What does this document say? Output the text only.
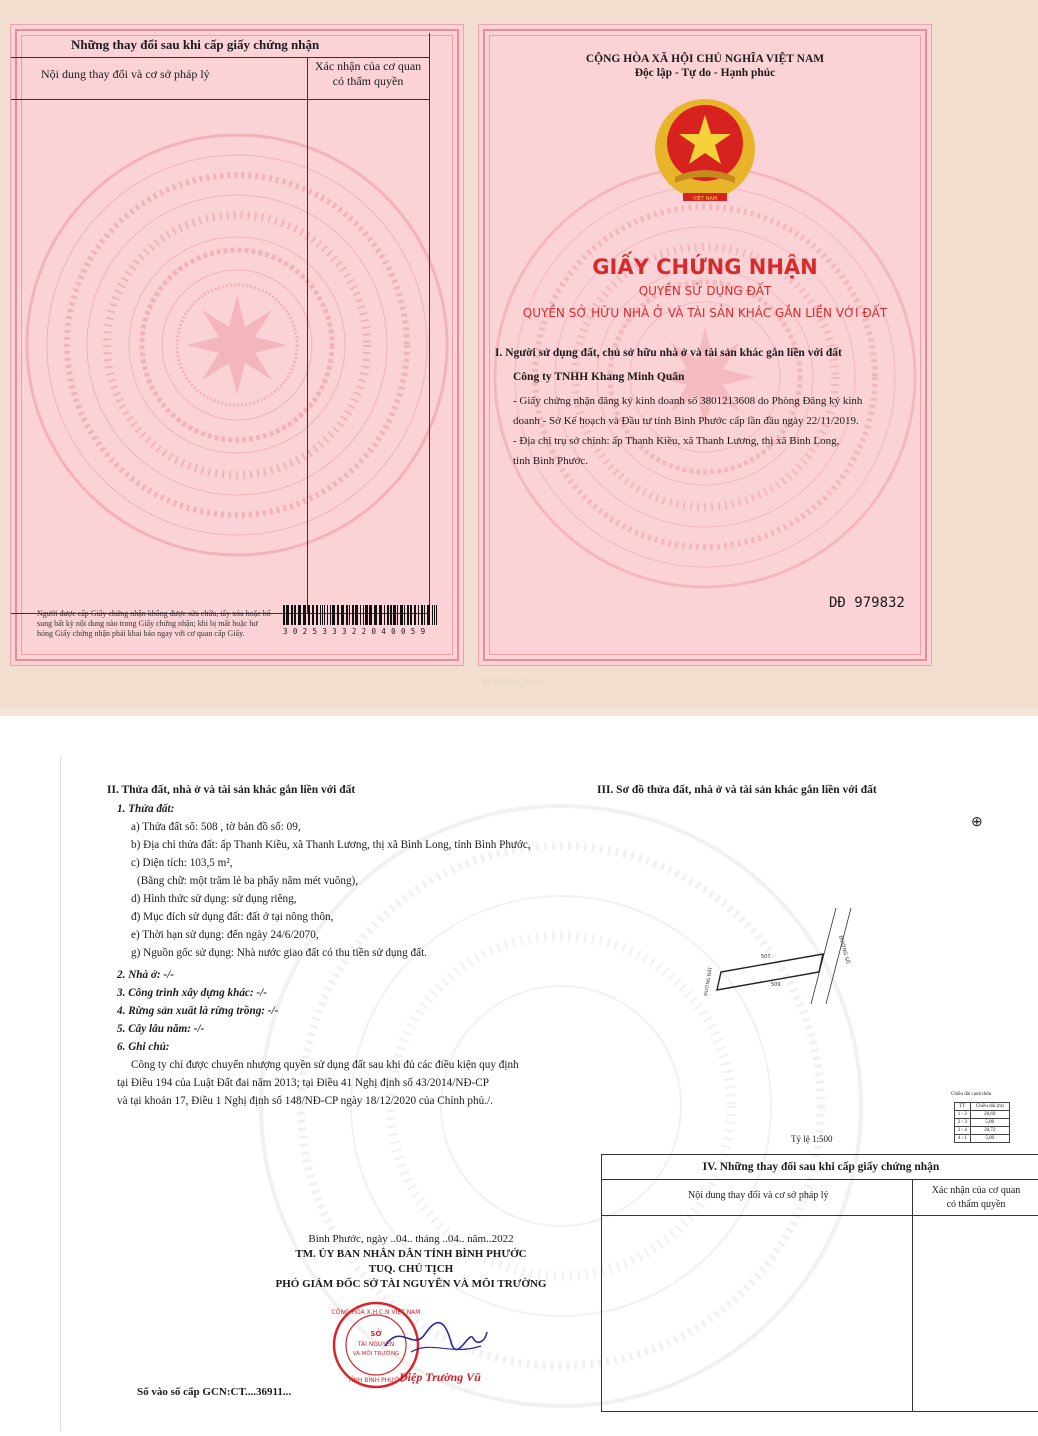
Những thay đổi sau khi cấp giấy chứng nhận
Nội dung thay đổi và cơ sở pháp lý
Xác nhận của cơ quan
có thẩm quyền
Người được cấp Giấy chứng nhận không được sửa chữa, tẩy xóa hoặc bổ
sung bất kỳ nội dung nào trong Giấy chứng nhận; khi bị mất hoặc hư
hỏng Giấy chứng nhận phải khai báo ngay với cơ quan cấp Giấy.	3 0 2 5 3 3 3 2 2 0 4 0 0 5 9
CỘNG HÒA XÃ HỘI CHỦ NGHĨA VIỆT NAM
Độc lập - Tự do - Hạnh phúc
VIỆT NAM
GIẤY CHỨNG NHẬN
QUYỀN SỬ DỤNG ĐẤT
QUYỀN SỞ HỮU NHÀ Ở VÀ TÀI SẢN KHÁC GẮN LIỀN VỚI ĐẤT
I. Người sử dụng đất, chủ sở hữu nhà ở và tài sản khác gắn liền với đất
Công ty TNHH Khang Minh Quân
- Giấy chứng nhận đăng ký kinh doanh số 3801213608 do Phòng Đăng ký kinh
doanh - Sở Kế hoạch và Đầu tư tỉnh Bình Phước cấp lần đầu ngày 22/11/2019.
- Địa chỉ trụ sở chính: ấp Thanh Kiều, xã Thanh Lương, thị xã Bình Long,
tỉnh Bình Phước.
DĐ 979832
Batdongsan
II. Thửa đất, nhà ở và tài sản khác gắn liền với đất
1. Thửa đất:
a) Thửa đất số: 508 , tờ bản đồ số: 09,
b) Địa chỉ thửa đất: ấp Thanh Kiều, xã Thanh Lương, thị xã Bình Long, tỉnh Bình Phước,
c) Diện tích: 103,5 m²,
(Bằng chữ: một trăm lẻ ba phẩy năm mét vuông),
d) Hình thức sử dụng: sử dụng riêng,
đ) Mục đích sử dụng đất: đất ở tại nông thôn,
e) Thời hạn sử dụng: đến ngày 24/6/2070,
g) Nguồn gốc sử dụng: Nhà nước giao đất có thu tiền sử dụng đất.
2. Nhà ở: -/-
3. Công trình xây dựng khác: -/-
4. Rừng sản xuất là rừng trồng: -/-
5. Cây lâu năm: -/-
6. Ghi chú:
Công ty chỉ được chuyển nhượng quyền sử dụng đất sau khi đủ các điều kiện quy định
tại Điều 194 của Luật Đất đai năm 2013; tại Điều 41 Nghị định số 43/2014/NĐ-CP
và tại khoản 17, Điều 1 Nghị định số 148/NĐ-CP ngày 18/12/2020 của Chính phủ./.
Bình Phước, ngày ..04.. tháng ..04.. năm..2022
TM. ỦY BAN NHÂN DÂN TỈNH BÌNH PHƯỚC
TUQ. CHỦ TỊCH
PHÓ GIÁM ĐỐC SỞ TÀI NGUYÊN VÀ MÔI TRƯỜNG
CỘNG HÒA X.H.C.N VIỆT NAM
SỞ
TÀI NGUYÊN
VÀ MÔI TRƯỜNG
TỈNH BÌNH PHƯỚC
Diệp Trường Vũ
Số vào sổ cấp GCN:CT....36911...
III. Sơ đồ thửa đất, nhà ở và tài sản khác gắn liền với đất
⊕
507
509
ĐƯỜNG SỐ
ĐƯỜNG ĐẤT
Tỷ lệ 1:500
Chiều dài cạnh thửa
TT	Chiều dài (m)
1 - 2	20,69
2 - 3	5,00
3 - 4	20,72
4 - 1	5,00
IV. Những thay đổi sau khi cấp giấy chứng nhận
Nội dung thay đổi và cơ sở pháp lý	Xác nhận của cơ quan
có thẩm quyền
